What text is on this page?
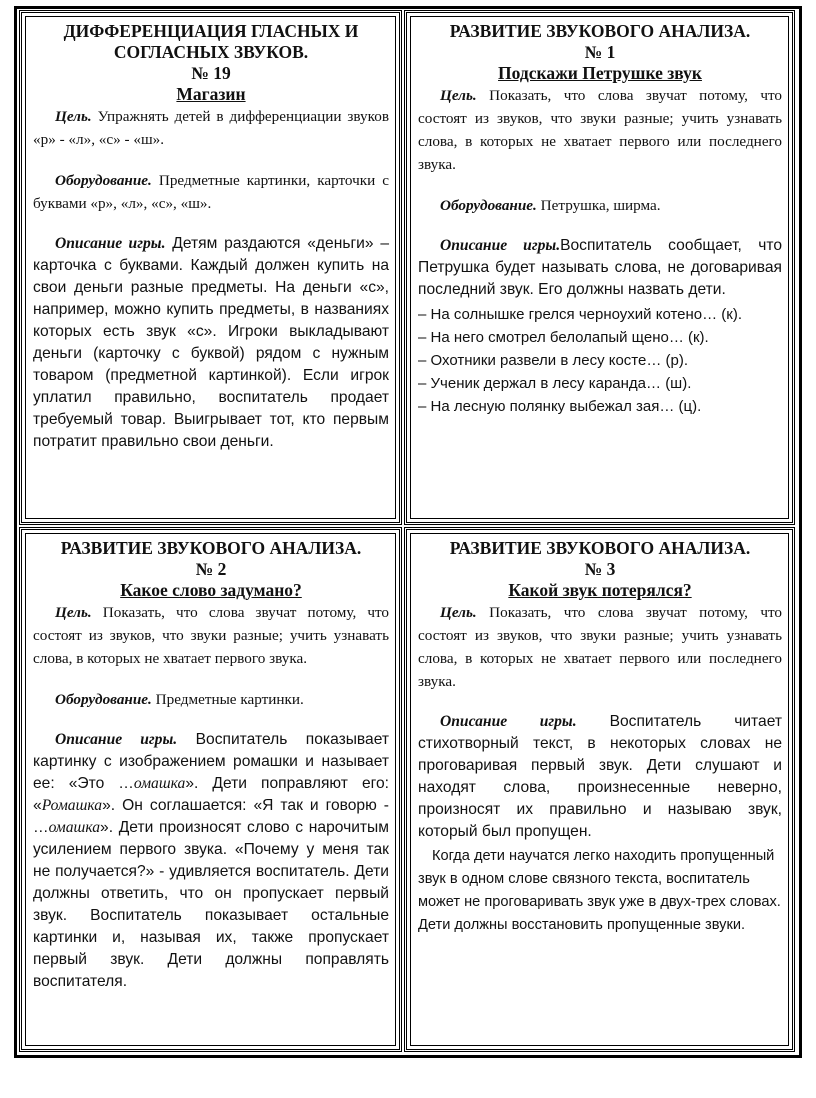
ДИФФЕРЕНЦИАЦИЯ ГЛАСНЫХ И
СОГЛАСНЫХ ЗВУКОВ.
№ 19
Магазин

Цель. Упражнять детей в дифференциации звуков «р» - «л», «с» - «ш».

Оборудование. Предметные картинки, карточки с буквами «р», «л», «с», «ш».

Описание игры. Детям раздаются «деньги» – карточка с буквами. Каждый должен купить на свои деньги разные предметы. На деньги «с», например, можно купить предметы, в названиях которых есть звук «с». Игроки выкладывают деньги (карточку с буквой) рядом с нужным товаром (предметной картинкой). Если игрок уплатил правильно, воспитатель продает требуемый товар. Выигрывает тот, кто первым потратит правильно свои деньги.

РАЗВИТИЕ ЗВУКОВОГО АНАЛИЗА.
№ 1
Подскажи Петрушке звук

Цель. Показать, что слова звучат потому, что состоят из звуков, что звуки разные; учить узнавать слова, в которых не хватает первого или последнего звука.

Оборудование. Петрушка, ширма.

Описание игры.Воспитатель сообщает, что Петрушка будет называть слова, не договаривая последний звук. Его должны назвать дети.

– На солнышке грелся черноухий котено… (к).
– На него смотрел белолапый щено… (к).
– Охотники развели в лесу косте… (р).
– Ученик держал в лесу каранда… (ш).
– На лесную полянку выбежал зая… (ц).
РАЗВИТИЕ ЗВУКОВОГО АНАЛИЗА.
№ 2
Какое слово задумано?

Цель. Показать, что слова звучат потому, что состоят из звуков, что звуки разные; учить узнавать слова, в которых не хватает первого звука.

Оборудование. Предметные картинки.

Описание игры. Воспитатель показывает картинку с изображением ромашки и называет ее: «Это …омашка». Дети поправляют его: «Ромашка». Он соглашается: «Я так и говорю - …омашка». Дети произносят слово с нарочитым усилением первого звука. «Почему у меня так не получается?» - удивляется воспитатель. Дети должны ответить, что он пропускает первый звук. Воспитатель показывает остальные картинки и, называя их, также пропускает первый звук. Дети должны поправлять воспитателя.

РАЗВИТИЕ ЗВУКОВОГО АНАЛИЗА.
№ 3
Какой звук потерялся?

Цель. Показать, что слова звучат потому, что состоят из звуков, что звуки разные; учить узнавать слова, в которых не хватает первого или последнего звука.

Описание игры. Воспитатель читает стихотворный текст, в некоторых словах не проговаривая первый звук. Дети слушают и находят слова, произнесенные неверно, произносят их правильно и называю звук, который был пропущен.

Когда дети научатся легко находить пропущенный звук в одном слове связного текста, воспитатель может не проговаривать звук уже в двух-трех словах. Дети должны восстановить пропущенные звуки.
